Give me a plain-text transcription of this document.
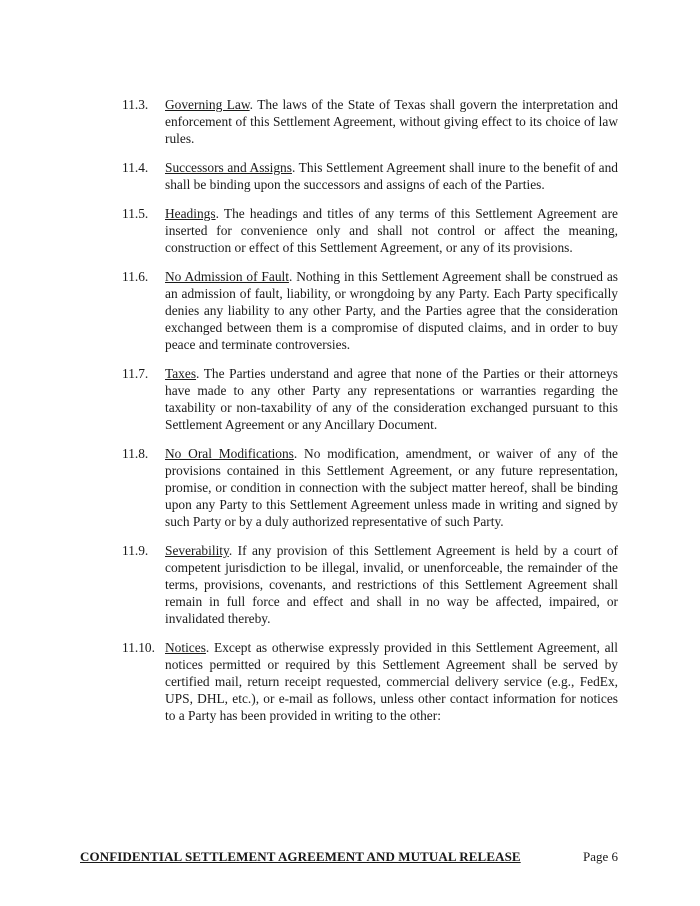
11.3.	Governing Law. The laws of the State of Texas shall govern the interpretation and enforcement of this Settlement Agreement, without giving effect to its choice of law rules.
11.4.	Successors and Assigns. This Settlement Agreement shall inure to the benefit of and shall be binding upon the successors and assigns of each of the Parties.
11.5.	Headings. The headings and titles of any terms of this Settlement Agreement are inserted for convenience only and shall not control or affect the meaning, construction or effect of this Settlement Agreement, or any of its provisions.
11.6.	No Admission of Fault. Nothing in this Settlement Agreement shall be construed as an admission of fault, liability, or wrongdoing by any Party. Each Party specifically denies any liability to any other Party, and the Parties agree that the consideration exchanged between them is a compromise of disputed claims, and in order to buy peace and terminate controversies.
11.7.	Taxes. The Parties understand and agree that none of the Parties or their attorneys have made to any other Party any representations or warranties regarding the taxability or non-taxability of any of the consideration exchanged pursuant to this Settlement Agreement or any Ancillary Document.
11.8.	No Oral Modifications. No modification, amendment, or waiver of any of the provisions contained in this Settlement Agreement, or any future representation, promise, or condition in connection with the subject matter hereof, shall be binding upon any Party to this Settlement Agreement unless made in writing and signed by such Party or by a duly authorized representative of such Party.
11.9.	Severability. If any provision of this Settlement Agreement is held by a court of competent jurisdiction to be illegal, invalid, or unenforceable, the remainder of the terms, provisions, covenants, and restrictions of this Settlement Agreement shall remain in full force and effect and shall in no way be affected, impaired, or invalidated thereby.
11.10. Notices. Except as otherwise expressly provided in this Settlement Agreement, all notices permitted or required by this Settlement Agreement shall be served by certified mail, return receipt requested, commercial delivery service (e.g., FedEx, UPS, DHL, etc.), or e-mail as follows, unless other contact information for notices to a Party has been provided in writing to the other:
CONFIDENTIAL SETTLEMENT AGREEMENT AND MUTUAL RELEASE	Page 6
